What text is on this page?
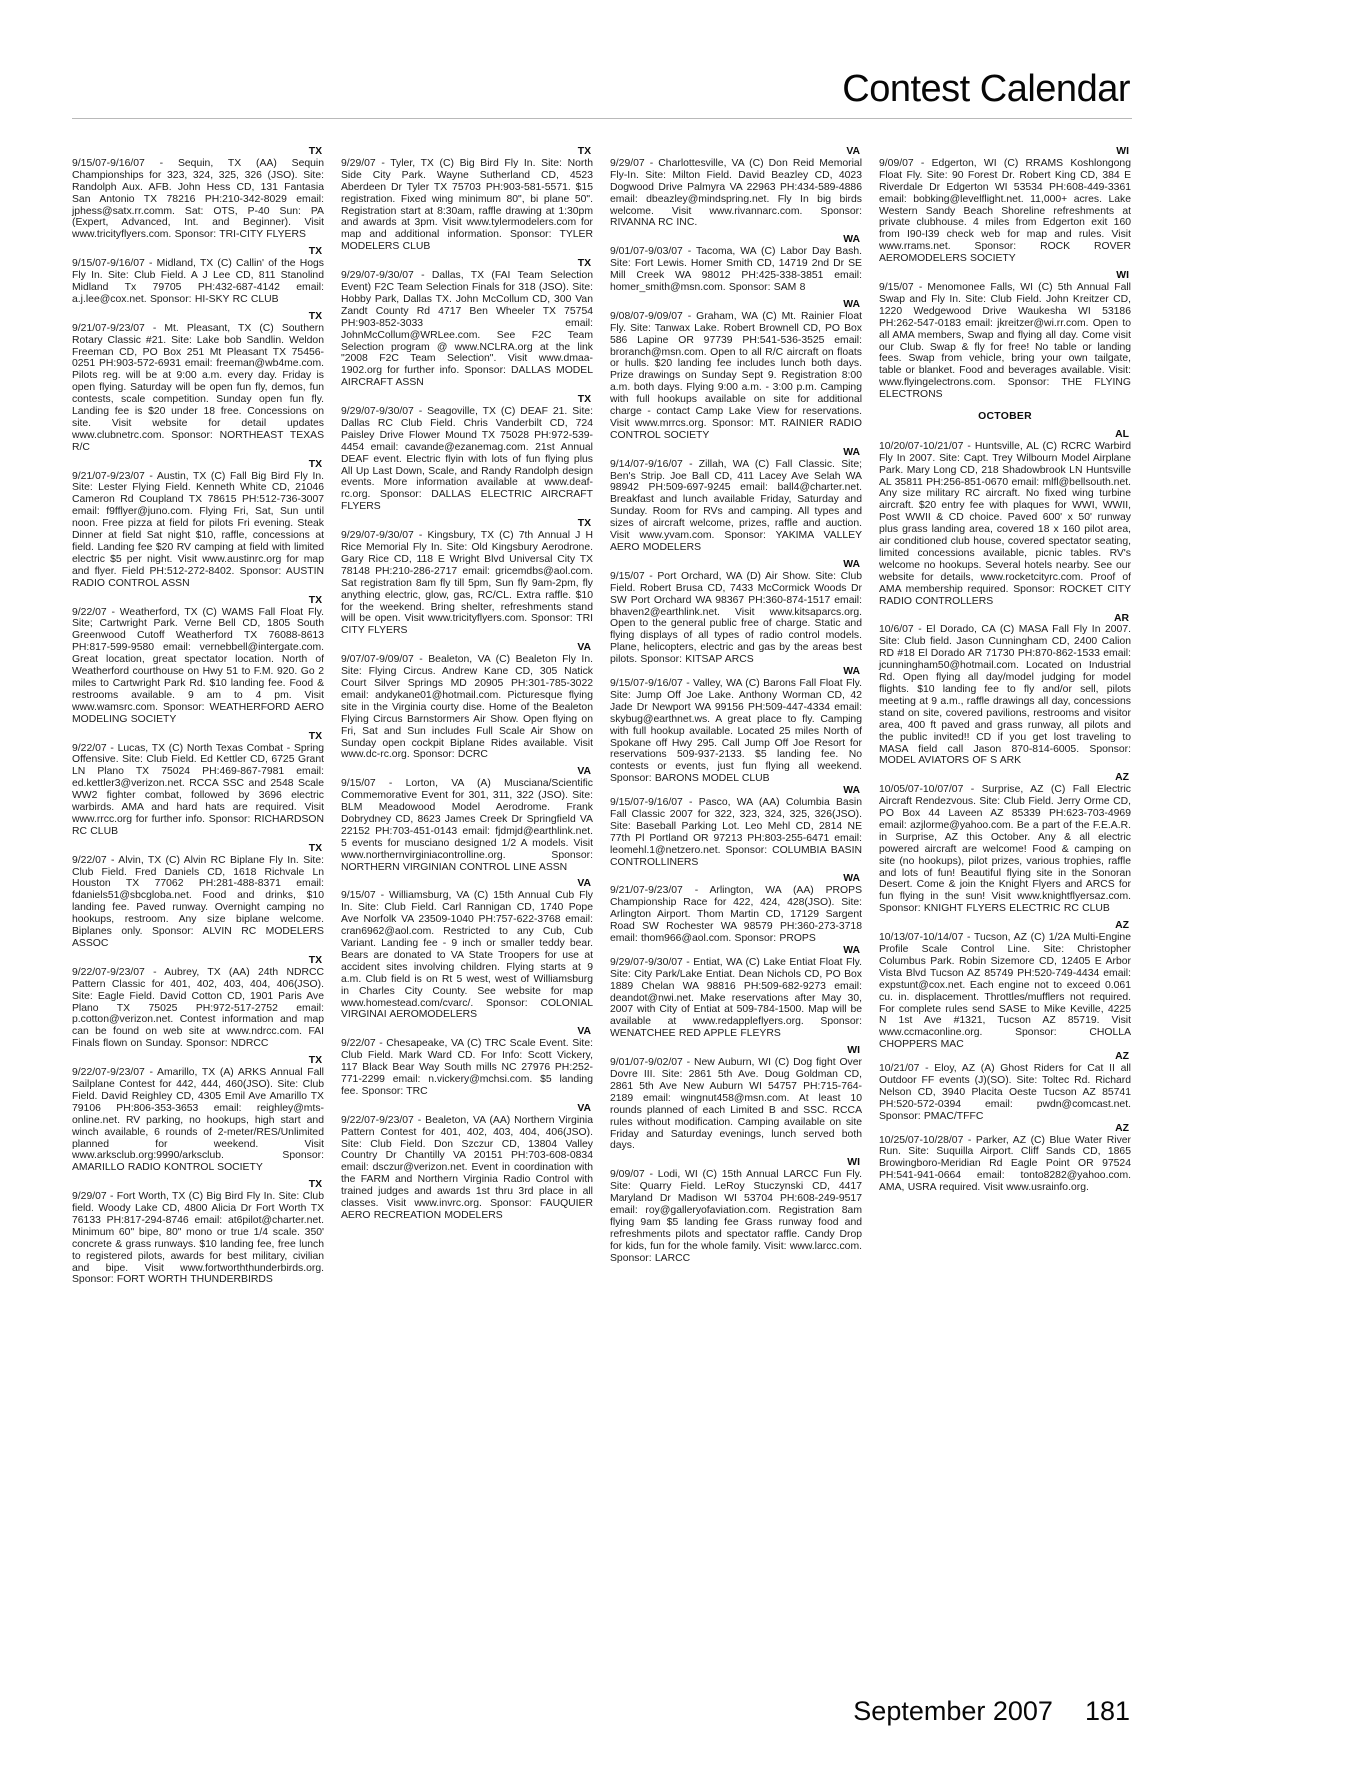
Contest Calendar
TX
9/15/07-9/16/07 - Sequin, TX (AA) Sequin Championships for 323, 324, 325, 326 (JSO). Site: Randolph Aux. AFB. John Hess CD, 131 Fantasia San Antonio TX 78216 PH:210-342-8029 email: jphess@satx.rr.comm. Sat: OTS, P-40 Sun: PA (Expert, Advanced, Int. and Beginner). Visit www.tricityflyers.com. Sponsor: TRI-CITY FLYERS
TX
9/15/07-9/16/07 - Midland, TX (C) Callin' of the Hogs Fly In. Site: Club Field. A J Lee CD, 811 Stanolind Midland Tx 79705 PH:432-687-4142 email: a.j.lee@cox.net. Sponsor: HI-SKY RC CLUB
TX
9/21/07-9/23/07 - Mt. Pleasant, TX (C) Southern Rotary Classic #21. Site: Lake bob Sandlin. Weldon Freeman CD, PO Box 251 Mt Pleasant TX 75456-0251 PH:903-572-6931 email: freeman@wb4me.com. Pilots reg. will be at 9:00 a.m. every day. Friday is open flying. Saturday will be open fun fly, demos, fun contests, scale competition. Sunday open fun fly. Landing fee is $20 under 18 free. Concessions on site. Visit website for detail updates www.clubnetrc.com. Sponsor: NORTHEAST TEXAS R/C
TX
9/21/07-9/23/07 - Austin, TX (C) Fall Big Bird Fly In. Site: Lester Flying Field. Kenneth White CD, 21046 Cameron Rd Coupland TX 78615 PH:512-736-3007 email: f9fflyer@juno.com. Flying Fri, Sat, Sun until noon. Free pizza at field for pilots Fri evening. Steak Dinner at field Sat night $10, raffle, concessions at field. Landing fee $20 RV camping at field with limited electric $5 per night. Visit www.austinrc.org for map and flyer. Field PH:512-272-8402. Sponsor: AUSTIN RADIO CONTROL ASSN
TX
9/22/07 - Weatherford, TX (C) WAMS Fall Float Fly. Site; Cartwright Park. Verne Bell CD, 1805 South Greenwood Cutoff Weatherford TX 76088-8613 PH:817-599-9580 email: vernebbell@intergate.com. Great location, great spectator location. North of Weatherford courthouse on Hwy 51 to F.M. 920. Go 2 miles to Cartwright Park Rd. $10 landing fee. Food & restrooms available. 9 am to 4 pm. Visit www.wamsrc.com. Sponsor: WEATHERFORD AERO MODELING SOCIETY
TX
9/22/07 - Lucas, TX (C) North Texas Combat - Spring Offensive. Site: Club Field. Ed Kettler CD, 6725 Grant LN Plano TX 75024 PH:469-867-7981 email: ed.kettler3@verizon.net. RCCA SSC and 2548 Scale WW2 fighter combat, followed by 3696 electric warbirds. AMA and hard hats are required. Visit www.rrcc.org for further info. Sponsor: RICHARDSON RC CLUB
TX
9/22/07 - Alvin, TX (C) Alvin RC Biplane Fly In. Site: Club Field. Fred Daniels CD, 1618 Richvale Ln Houston TX 77062 PH:281-488-8371 email: fdaniels51@sbcgloba.net. Food and drinks, $10 landing fee. Paved runway. Overnight camping no hookups, restroom. Any size biplane welcome. Biplanes only. Sponsor: ALVIN RC MODELERS ASSOC
TX
9/22/07-9/23/07 - Aubrey, TX (AA) 24th NDRCC Pattern Classic for 401, 402, 403, 404, 406(JSO). Site: Eagle Field. David Cotton CD, 1901 Paris Ave Plano TX 75025 PH:972-517-2752 email: p.cotton@verizon.net. Contest information and map can be found on web site at www.ndrcc.com. FAI Finals flown on Sunday. Sponsor: NDRCC
TX
9/22/07-9/23/07 - Amarillo, TX (A) ARKS Annual Fall Sailplane Contest for 442, 444, 460(JSO). Site: Club Field. David Reighley CD, 4305 Emil Ave Amarillo TX 79106 PH:806-353-3653 email: reighley@mts-online.net. RV parking, no hookups, high start and winch available, 6 rounds of 2-meter/RES/Unlimited planned for weekend. Visit www.arksclub.org:9990/arksclub. Sponsor: AMARILLO RADIO KONTROL SOCIETY
TX
9/29/07 - Fort Worth, TX (C) Big Bird Fly In. Site: Club field. Woody Lake CD, 4800 Alicia Dr Fort Worth TX 76133 PH:817-294-8746 email: at6pilot@charter.net. Minimum 60" bipe, 80" mono or true 1/4 scale. 350' concrete & grass runways. $10 landing fee, free lunch to registered pilots, awards for best military, civilian and bipe. Visit www.fortworththunderbirds.org. Sponsor: FORT WORTH THUNDERBIRDS
TX
9/29/07 - Tyler, TX (C) Big Bird Fly In. Site: North Side City Park. Wayne Sutherland CD, 4523 Aberdeen Dr Tyler TX 75703 PH:903-581-5571. $15 registration. Fixed wing minimum 80", bi plane 50". Registration start at 8:30am, raffle drawing at 1:30pm and awards at 3pm. Visit www.tylermodelers.com for map and additional information. Sponsor: TYLER MODELERS CLUB
TX
9/29/07-9/30/07 - Dallas, TX (FAI Team Selection Event) F2C Team Selection Finals for 318 (JSO). Site: Hobby Park, Dallas TX. John McCollum CD, 300 Van Zandt County Rd 4717 Ben Wheeler TX 75754 PH:903-852-3033 email: JohnMcCollum@WRLee.com. See F2C Team Selection program @ www.NCLRA.org at the link "2008 F2C Team Selection". Visit www.dmaa-1902.org for further info. Sponsor: DALLAS MODEL AIRCRAFT ASSN
TX
9/29/07-9/30/07 - Seagoville, TX (C) DEAF 21. Site: Dallas RC Club Field. Chris Vanderbilt CD, 724 Paisley Drive Flower Mound TX 75028 PH:972-539-4454 email: cavande@ezanemag.com. 21st Annual DEAF event. Electric flyin with lots of fun flying plus All Up Last Down, Scale, and Randy Randolph design events. More information available at www.deaf-rc.org. Sponsor: DALLAS ELECTRIC AIRCRAFT FLYERS
TX
9/29/07-9/30/07 - Kingsbury, TX (C) 7th Annual J H Rice Memorial Fly In. Site: Old Kingsbury Aerodrone. Gary Rice CD, 118 E Wright Blvd Universal City TX 78148 PH:210-286-2717 email: gricemdbs@aol.com. Sat registration 8am fly till 5pm, Sun fly 9am-2pm, fly anything electric, glow, gas, RC/CL. Extra raffle. $10 for the weekend. Bring shelter, refreshments stand will be open. Visit www.tricityflyers.com. Sponsor: TRI CITY FLYERS
VA
9/07/07-9/09/07 - Bealeton, VA (C) Bealeton Fly In. Site: Flying Circus. Andrew Kane CD, 305 Natick Court Silver Springs MD 20905 PH:301-785-3022 email: andykane01@hotmail.com. Picturesque flying site in the Virginia courty dise. Home of the Bealeton Flying Circus Barnstormers Air Show. Open flying on Fri, Sat and Sun includes Full Scale Air Show on Sunday open cockpit Biplane Rides available. Visit www.dc-rc.org. Sponsor: DCRC
VA
9/15/07 - Lorton, VA (A) Musciana/Scientific Commemorative Event for 301, 311, 322 (JSO). Site: BLM Meadowood Model Aerodrome. Frank Dobrydney CD, 8623 James Creek Dr Springfield VA 22152 PH:703-451-0143 email: fjdmjd@earthlink.net. 5 events for musciano designed 1/2 A models. Visit www.northernvirginiacontrolline.org. Sponsor: NORTHERN VIRGINIAN CONTROL LINE ASSN
VA
9/15/07 - Williamsburg, VA (C) 15th Annual Cub Fly In. Site: Club Field. Carl Rannigan CD, 1740 Pope Ave Norfolk VA 23509-1040 PH:757-622-3768 email: cran6962@aol.com. Restricted to any Cub, Cub Variant. Landing fee - 9 inch or smaller teddy bear. Bears are donated to VA State Troopers for use at accident sites involving children. Flying starts at 9 a.m. Club field is on Rt 5 west, west of Williamsburg in Charles City County. See website for map www.homestead.com/cvarc/. Sponsor: COLONIAL VIRGINAI AEROMODELERS
VA
9/22/07 - Chesapeake, VA (C) TRC Scale Event. Site: Club Field. Mark Ward CD. For Info: Scott Vickery, 117 Black Bear Way South mills NC 27976 PH:252-771-2299 email: n.vickery@mchsi.com. $5 landing fee. Sponsor: TRC
VA
9/22/07-9/23/07 - Bealeton, VA (AA) Northern Virginia Pattern Contest for 401, 402, 403, 404, 406(JSO). Site: Club Field. Don Szczur CD, 13804 Valley Country Dr Chantilly VA 20151 PH:703-608-0834 email: dsczur@verizon.net. Event in coordination with the FARM and Northern Virginia Radio Control with trained judges and awards 1st thru 3rd place in all classes. Visit www.invrc.org. Sponsor: FAUQUIER AERO RECREATION MODELERS
VA
9/29/07 - Charlottesville, VA (C) Don Reid Memorial Fly-In. Site: Milton Field. David Beazley CD, 4023 Dogwood Drive Palmyra VA 22963 PH:434-589-4886 email: dbeazley@mindspring.net. Fly In big birds welcome. Visit www.rivannarc.com. Sponsor: RIVANNA RC INC.
WA
9/01/07-9/03/07 - Tacoma, WA (C) Labor Day Bash. Site: Fort Lewis. Homer Smith CD, 14719 2nd Dr SE Mill Creek WA 98012 PH:425-338-3851 email: homer_smith@msn.com. Sponsor: SAM 8
WA
9/08/07-9/09/07 - Graham, WA (C) Mt. Rainier Float Fly. Site: Tanwax Lake. Robert Brownell CD, PO Box 586 Lapine OR 97739 PH:541-536-3525 email: broranch@msn.com. Open to all R/C aircraft on floats or hulls. $20 landing fee includes lunch both days. Prize drawings on Sunday Sept 9. Registration 8:00 a.m. both days. Flying 9:00 a.m. - 3:00 p.m. Camping with full hookups available on site for additional charge - contact Camp Lake View for reservations. Visit www.mrrcs.org. Sponsor: MT. RAINIER RADIO CONTROL SOCIETY
WA
9/14/07-9/16/07 - Zillah, WA (C) Fall Classic. Site; Ben's Strip. Joe Ball CD, 411 Lacey Ave Selah WA 98942 PH:509-697-9245 email: ball4@charter.net. Breakfast and lunch available Friday, Saturday and Sunday. Room for RVs and camping. All types and sizes of aircraft welcome, prizes, raffle and auction. Visit www.yvam.com. Sponsor: YAKIMA VALLEY AERO MODELERS
WA
9/15/07 - Port Orchard, WA (D) Air Show. Site: Club Field. Robert Brusa CD, 7433 McCormick Woods Dr SW Port Orchard WA 98367 PH:360-874-1517 email: bhaven2@earthlink.net. Visit www.kitsaparcs.org. Open to the general public free of charge. Static and flying displays of all types of radio control models. Plane, helicopters, electric and gas by the areas best pilots. Sponsor: KITSAP ARCS
WA
9/15/07-9/16/07 - Valley, WA (C) Barons Fall Float Fly. Site: Jump Off Joe Lake. Anthony Worman CD, 42 Jade Dr Newport WA 99156 PH:509-447-4334 email: skybug@earthnet.ws. A great place to fly. Camping with full hookup available. Located 25 miles North of Spokane off Hwy 295. Call Jump Off Joe Resort for reservations 509-937-2133. $5 landing fee. No contests or events, just fun flying all weekend. Sponsor: BARONS MODEL CLUB
WA
9/15/07-9/16/07 - Pasco, WA (AA) Columbia Basin Fall Classic 2007 for 322, 323, 324, 325, 326(JSO). Site: Baseball Parking Lot. Leo Mehl CD, 2814 NE 77th Pl Portland OR 97213 PH:803-255-6471 email: leomehl.1@netzero.net. Sponsor: COLUMBIA BASIN CONTROLLINERS
WA
9/21/07-9/23/07 - Arlington, WA (AA) PROPS Championship Race for 422, 424, 428(JSO). Site: Arlington Airport. Thom Martin CD, 17129 Sargent Road SW Rochester WA 98579 PH:360-273-3718 email: thom966@aol.com. Sponsor: PROPS
WA
9/29/07-9/30/07 - Entiat, WA (C) Lake Entiat Float Fly. Site: City Park/Lake Entiat. Dean Nichols CD, PO Box 1889 Chelan WA 98816 PH:509-682-9273 email: deandot@nwi.net. Make reservations after May 30, 2007 with City of Entiat at 509-784-1500. Map will be available at www.redappleflyers.org. Sponsor: WENATCHEE RED APPLE FLEYRS
WI
9/01/07-9/02/07 - New Auburn, WI (C) Dog fight Over Dovre III. Site: 2861 5th Ave. Doug Goldman CD, 2861 5th Ave New Auburn WI 54757 PH:715-764-2189 email: wingnut458@msn.com. At least 10 rounds planned of each Limited B and SSC. RCCA rules without modification. Camping available on site Friday and Saturday evenings, lunch served both days.
WI
9/09/07 - Lodi, WI (C) 15th Annual LARCC Fun Fly. Site: Quarry Field. LeRoy Stuczynski CD, 4417 Maryland Dr Madison WI 53704 PH:608-249-9517 email: roy@galleryofaviation.com. Registration 8am flying 9am $5 landing fee Grass runway food and refreshments pilots and spectator raffle. Candy Drop for kids, fun for the whole family. Visit: www.larcc.com. Sponsor: LARCC
WI
9/09/07 - Edgerton, WI (C) RRAMS Koshlongong Float Fly. Site: 90 Forest Dr. Robert King CD, 384 E Riverdale Dr Edgerton WI 53534 PH:608-449-3361 email: bobking@levelflight.net. 11,000+ acres. Lake Western Sandy Beach Shoreline refreshments at private clubhouse. 4 miles from Edgerton exit 160 from I90-I39 check web for map and rules. Visit www.rrams.net. Sponsor: ROCK ROVER AEROMODELERS SOCIETY
WI
9/15/07 - Menomonee Falls, WI (C) 5th Annual Fall Swap and Fly In. Site: Club Field. John Kreitzer CD, 1220 Wedgewood Drive Waukesha WI 53186 PH:262-547-0183 email: jkreitzer@wi.rr.com. Open to all AMA members, Swap and flying all day. Come visit our Club. Swap & fly for free! No table or landing fees. Swap from vehicle, bring your own tailgate, table or blanket. Food and beverages available. Visit: www.flyingelectrons.com. Sponsor: THE FLYING ELECTRONS
OCTOBER
AL
10/20/07-10/21/07 - Huntsville, AL (C) RCRC Warbird Fly In 2007. Site: Capt. Trey Wilbourn Model Airplane Park. Mary Long CD, 218 Shadowbrook LN Huntsville AL 35811 PH:256-851-0670 email: mlfl@bellsouth.net. Any size military RC aircraft. No fixed wing turbine aircraft. $20 entry fee with plaques for WWI, WWII, Post WWII & CD choice. Paved 600' x 50' runway plus grass landing area, covered 18 x 160 pilot area, air conditioned club house, covered spectator seating, limited concessions available, picnic tables. RV's welcome no hookups. Several hotels nearby. See our website for details, www.rocketcityrc.com. Proof of AMA membership required. Sponsor: ROCKET CITY RADIO CONTROLLERS
AR
10/6/07 - El Dorado, CA (C) MASA Fall Fly In 2007. Site: Club field. Jason Cunningham CD, 2400 Calion RD #18 El Dorado AR 71730 PH:870-862-1533 email: jcunningham50@hotmail.com. Located on Industrial Rd. Open flying all day/model judging for model flights. $10 landing fee to fly and/or sell, pilots meeting at 9 a.m., raffle drawings all day, concessions stand on site, covered pavilions, restrooms and visitor area, 400 ft paved and grass runway, all pilots and the public invited!! CD if you get lost traveling to MASA field call Jason 870-814-6005. Sponsor: MODEL AVIATORS OF S ARK
AZ
10/05/07-10/07/07 - Surprise, AZ (C) Fall Electric Aircraft Rendezvous. Site: Club Field. Jerry Orme CD, PO Box 44 Laveen AZ 85339 PH:623-703-4969 email: azjlorme@yahoo.com. Be a part of the F.E.A.R. in Surprise, AZ this October. Any & all electric powered aircraft are welcome! Food & camping on site (no hookups), pilot prizes, various trophies, raffle and lots of fun! Beautiful flying site in the Sonoran Desert. Come & join the Knight Flyers and ARCS for fun flying in the sun! Visit www.knightflyersaz.com. Sponsor: KNIGHT FLYERS ELECTRIC RC CLUB
AZ
10/13/07-10/14/07 - Tucson, AZ (C) 1/2A Multi-Engine Profile Scale Control Line. Site: Christopher Columbus Park. Robin Sizemore CD, 12405 E Arbor Vista Blvd Tucson AZ 85749 PH:520-749-4434 email: expstunt@cox.net. Each engine not to exceed 0.061 cu. in. displacement. Throttles/mufflers not required. For complete rules send SASE to Mike Keville, 4225 N 1st Ave #1321, Tucson AZ 85719. Visit www.ccmaconline.org. Sponsor: CHOLLA CHOPPERS MAC
AZ
10/21/07 - Eloy, AZ (A) Ghost Riders for Cat II all Outdoor FF events (J)(SO). Site: Toltec Rd. Richard Nelson CD, 3940 Placita Oeste Tucson AZ 85741 PH:520-572-0394 email: pwdn@comcast.net. Sponsor: PMAC/TFFC
AZ
10/25/07-10/28/07 - Parker, AZ (C) Blue Water River Run. Site: Suquilla Airport. Cliff Sands CD, 1865 Browingboro-Meridian Rd Eagle Point OR 97524 PH:541-941-0664 email: tonto8282@yahoo.com. AMA, USRA required. Visit www.usrainfo.org.
September 2007 181
